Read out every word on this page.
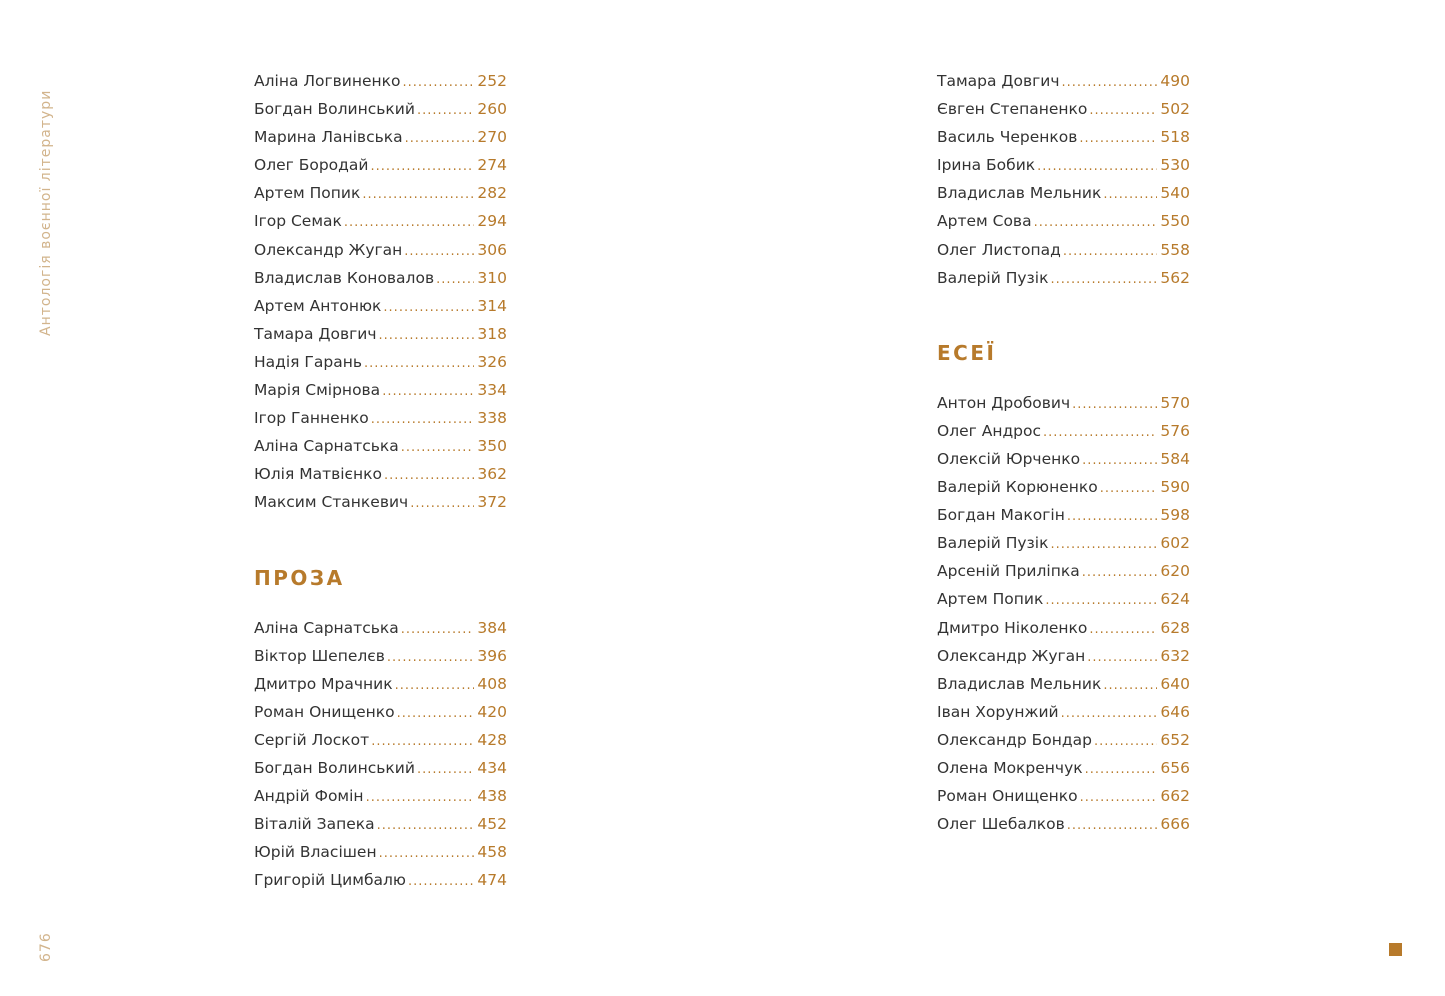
Антологія воєнної літератури
676
Аліна Логвиненко .....	252
Богдан Волинський .....	260
Марина Ланівська .....	270
Олег Бородай .....	274
Артем Попик .....	282
Ігор Семак .....	294
Олександр Жуган .....	306
Владислав Коновалов .....	310
Артем Антонюк .....	314
Тамара Довгич .....	318
Надія Гарань .....	326
Марія Смірнова .....	334
Ігор Ганненко .....	338
Аліна Сарнатська .....	350
Юлія Матвієнко .....	362
Максим Станкевич .....	372
ПРОЗА
Аліна Сарнатська .....	384
Віктор Шепелєв .....	396
Дмитро Мрачник .....	408
Роман Онищенко .....	420
Сергій Лоскот .....	428
Богдан Волинський .....	434
Андрій Фомін .....	438
Віталій Запека .....	452
Юрій Власішен .....	458
Григорій Цимбалю .....	474
Тамара Довгич .....	490
Євген Степаненко .....	502
Василь Черенков .....	518
Ірина Бобик .....	530
Владислав Мельник .....	540
Артем Сова .....	550
Олег Листопад .....	558
Валерій Пузік .....	562
ЕСЕЇ
Антон Дробович .....	570
Олег Андрос .....	576
Олексій Юрченко .....	584
Валерій Корюненко .....	590
Богдан Макогін .....	598
Валерій Пузік .....	602
Арсеній Приліпка .....	620
Артем Попик .....	624
Дмитро Ніколенко .....	628
Олександр Жуган .....	632
Владислав Мельник .....	640
Іван Хорунжий .....	646
Олександр Бондар .....	652
Олена Мокренчук .....	656
Роман Онищенко .....	662
Олег Шебалков .....	666
